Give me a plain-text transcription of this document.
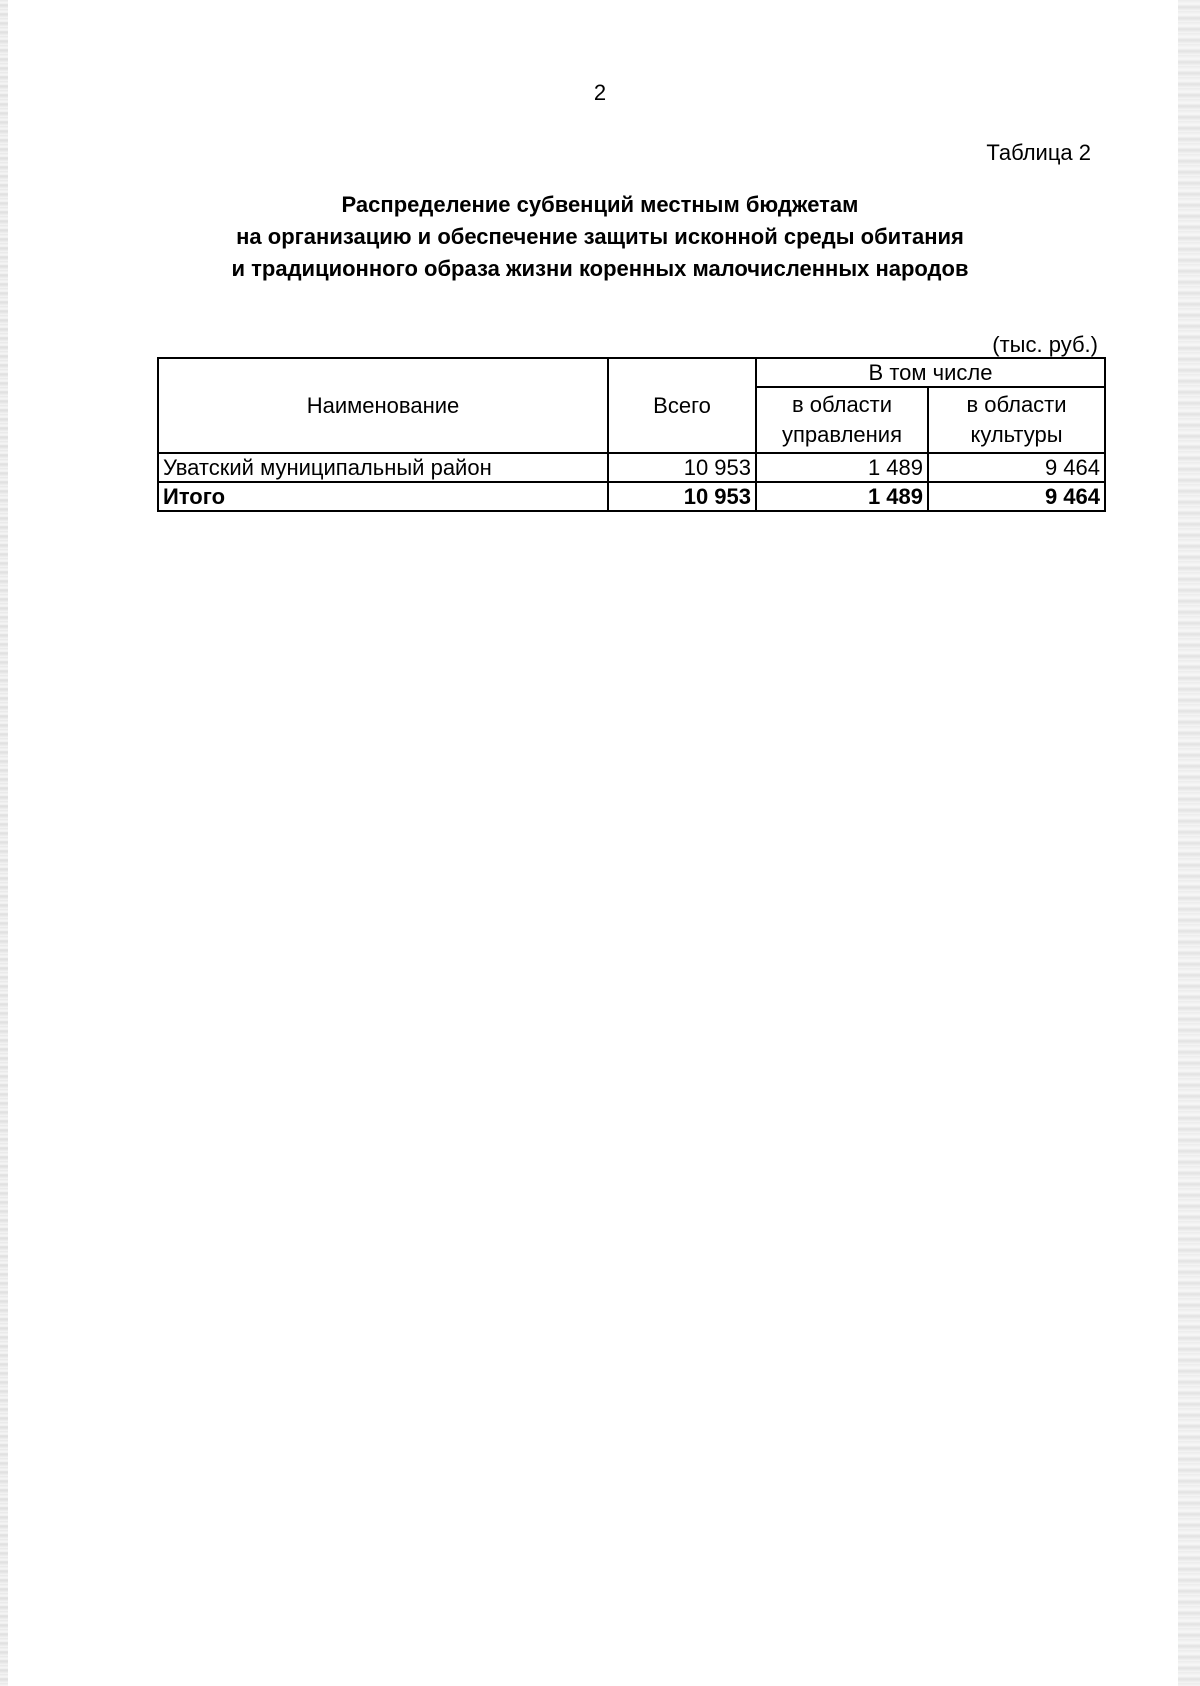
2
Таблица 2
Распределение субвенций местным бюджетам
на организацию и обеспечение защиты исконной среды обитания
и традиционного образа жизни коренных малочисленных народов
(тыс. руб.)
Наименование	Всего	В том числе	
		в области управления	в области культуры
Уватский муниципальный район	10 953	1 489	9 464
Итого	10 953	1 489	9 464
